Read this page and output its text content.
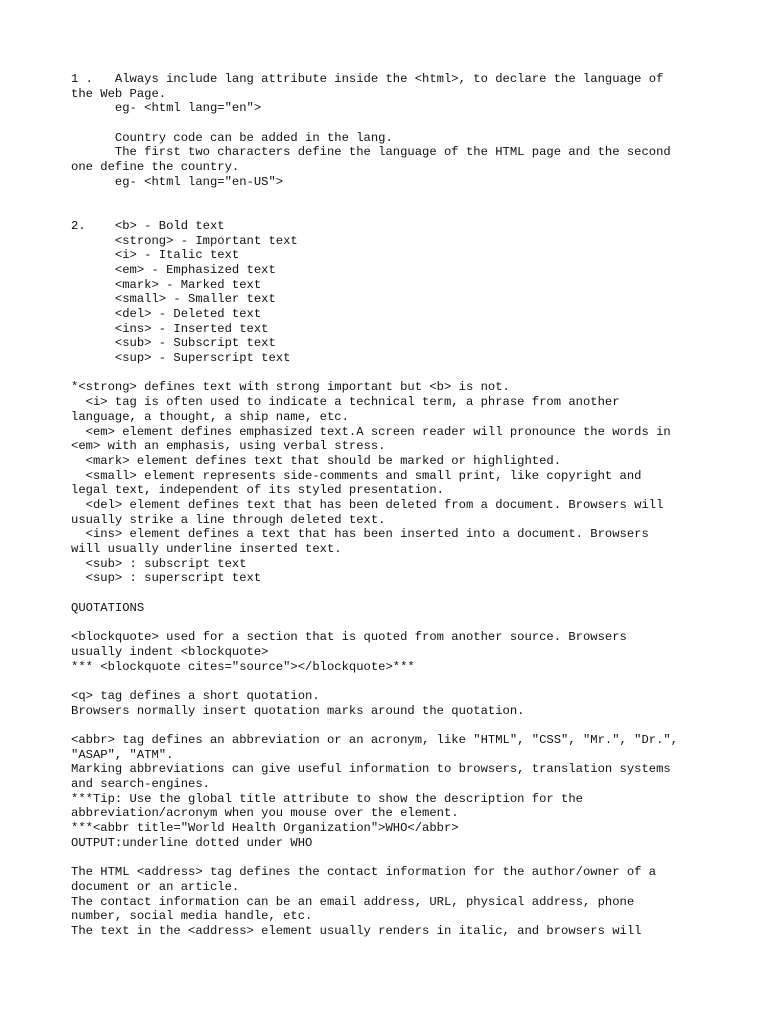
1 .   Always include lang attribute inside the <html>, to declare the language of
the Web Page.
eg- <html lang="en">
Country code can be added in the lang.
The first two characters define the language of the HTML page and the second
one define the country.
eg- <html lang="en-US">
2.    <b> - Bold text
<strong> - Important text
<i> - Italic text
<em> - Emphasized text
<mark> - Marked text
<small> - Smaller text
<del> - Deleted text
<ins> - Inserted text
<sub> - Subscript text
<sup> - Superscript text
*<strong> defines text with strong important but <b> is not.
<i> tag is often used to indicate a technical term, a phrase from another
language, a thought, a ship name, etc.
<em> element defines emphasized text.A screen reader will pronounce the words in
<em> with an emphasis, using verbal stress.
<mark> element defines text that should be marked or highlighted.
<small> element represents side-comments and small print, like copyright and
legal text, independent of its styled presentation.
<del> element defines text that has been deleted from a document. Browsers will
usually strike a line through deleted text.
<ins> element defines a text that has been inserted into a document. Browsers
will usually underline inserted text.
<sub> : subscript text
<sup> : superscript text
QUOTATIONS
<blockquote> used for a section that is quoted from another source. Browsers
usually indent <blockquote>
*** <blockquote cites="source"></blockquote>***
<q> tag defines a short quotation.
Browsers normally insert quotation marks around the quotation.
<abbr> tag defines an abbreviation or an acronym, like "HTML", "CSS", "Mr.", "Dr.",
"ASAP", "ATM".
Marking abbreviations can give useful information to browsers, translation systems
and search-engines.
***Tip: Use the global title attribute to show the description for the
abbreviation/acronym when you mouse over the element.
***<abbr title="World Health Organization">WHO</abbr>
OUTPUT:underline dotted under WHO
The HTML <address> tag defines the contact information for the author/owner of a
document or an article.
The contact information can be an email address, URL, physical address, phone
number, social media handle, etc.
The text in the <address> element usually renders in italic, and browsers will
